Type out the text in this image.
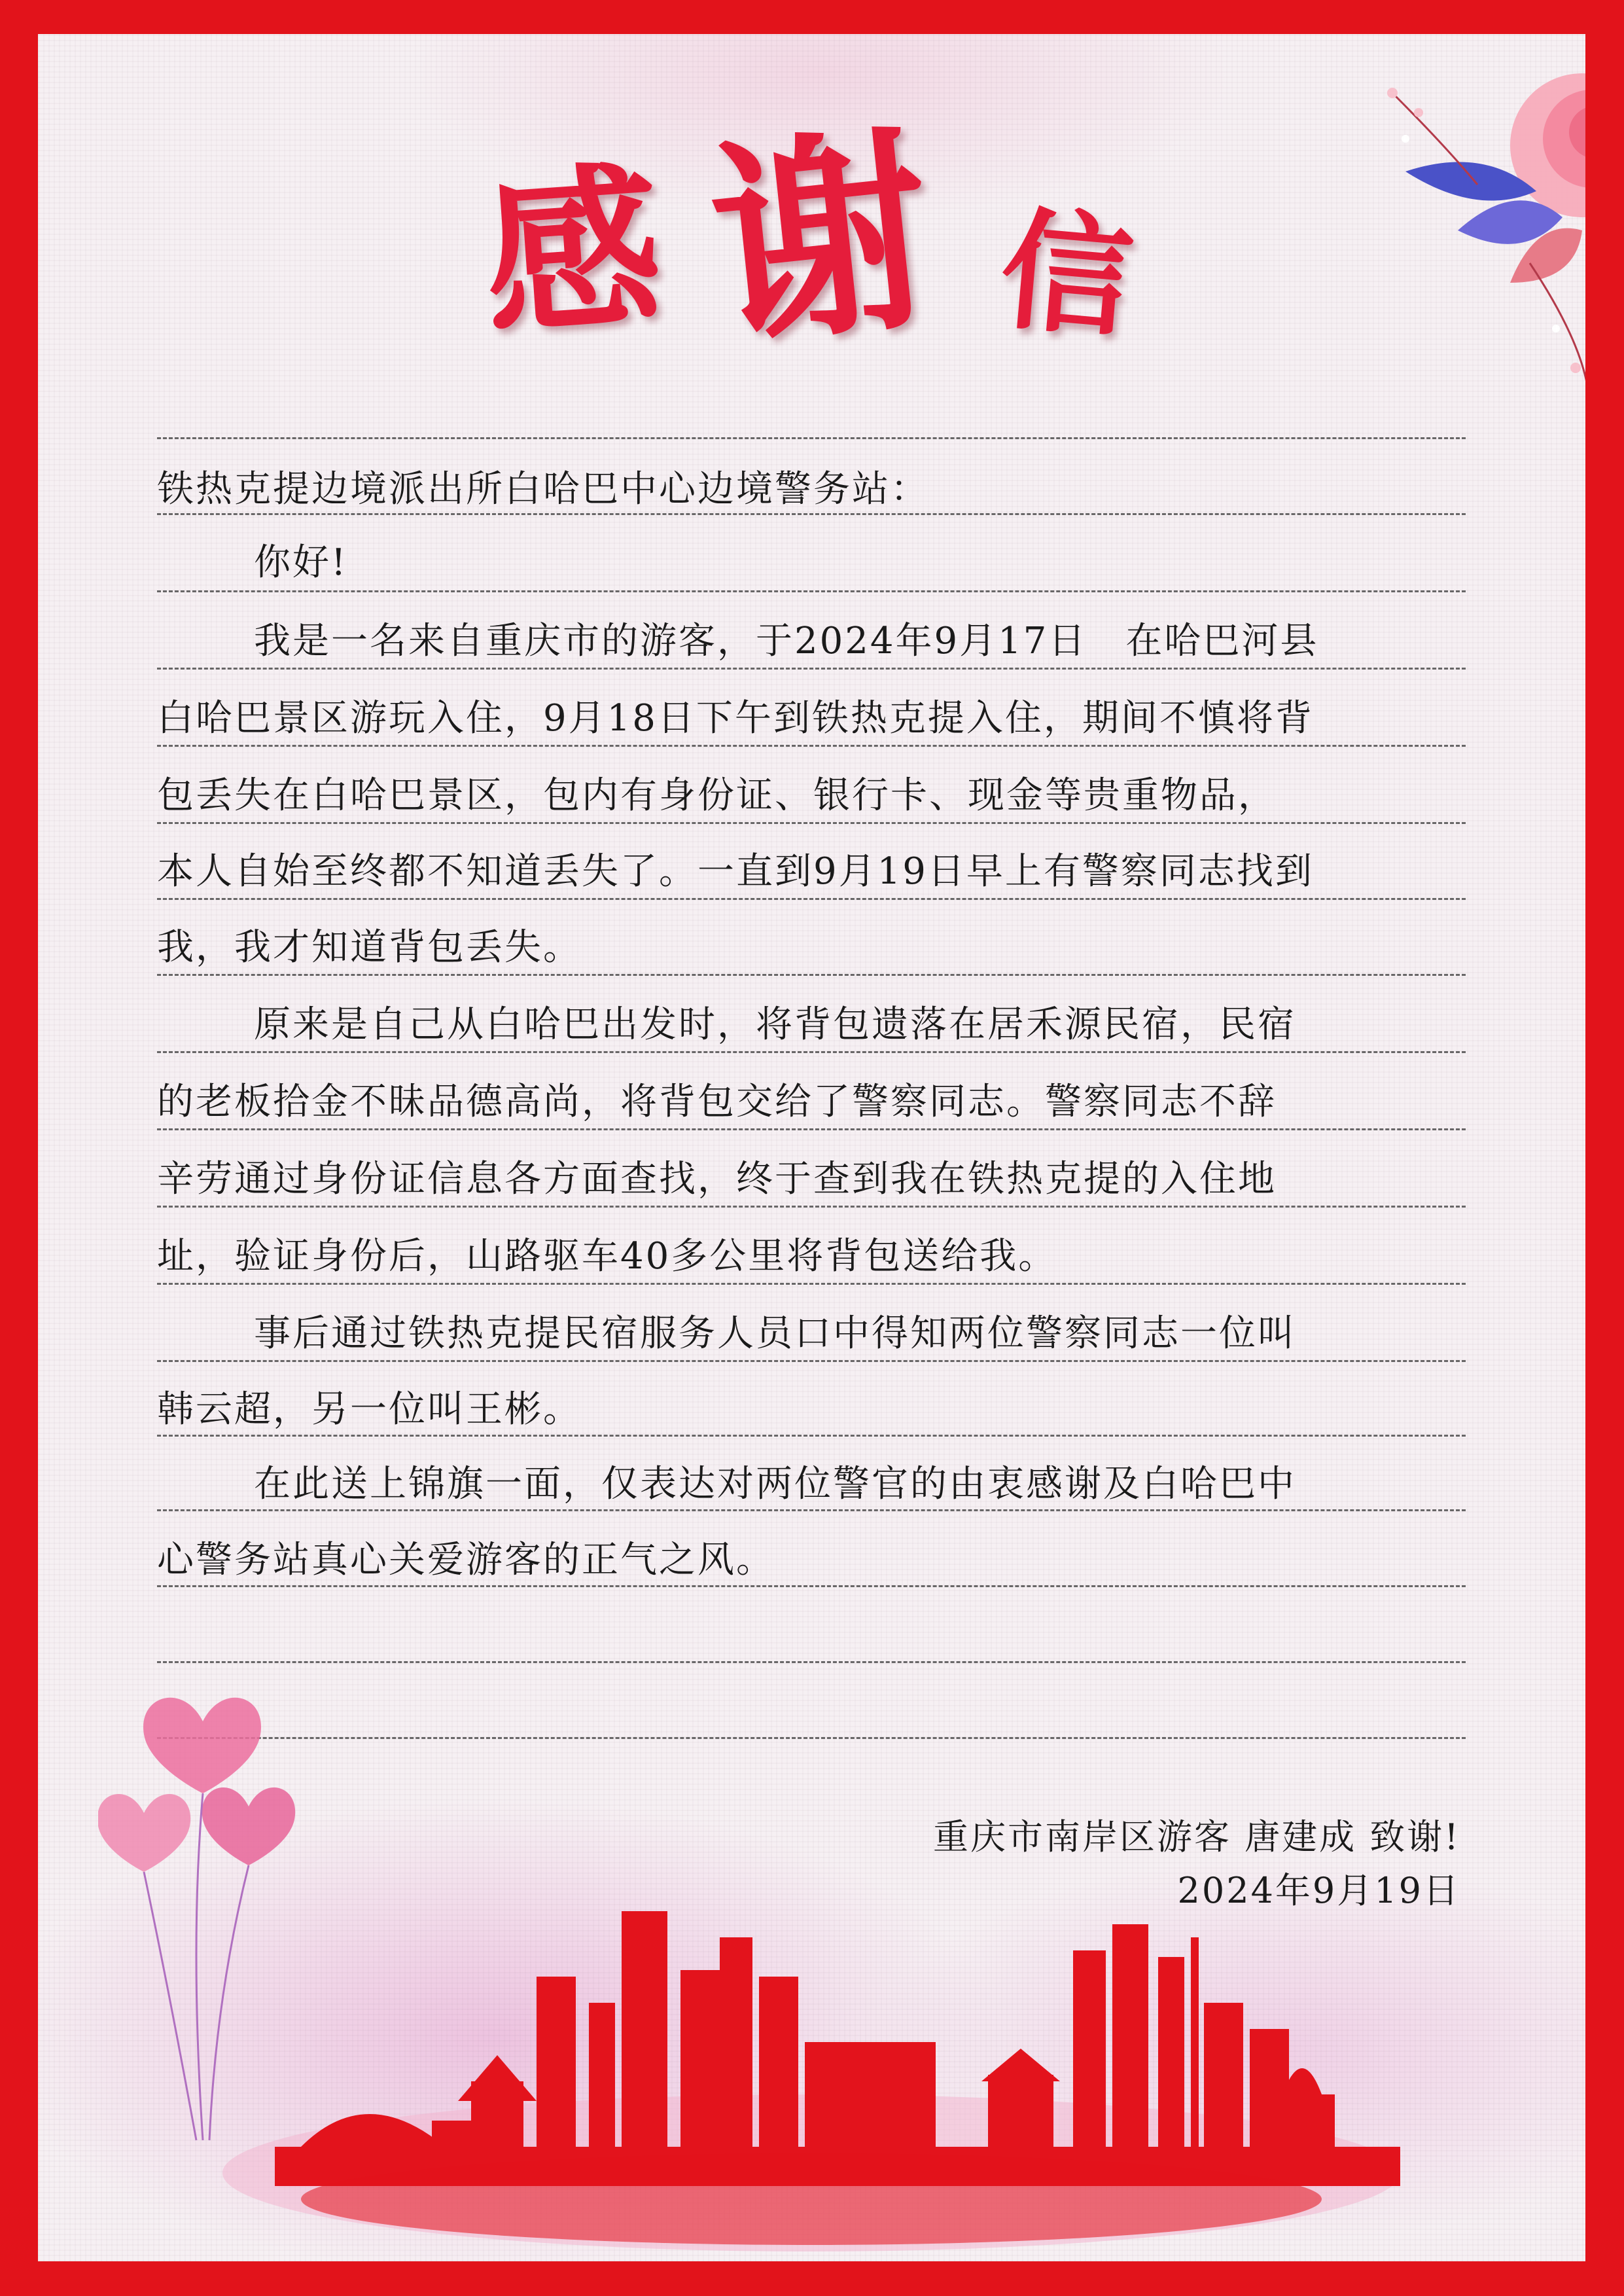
感 谢 信
铁热克提边境派出所白哈巴中心边境警务站：
你好!
我是一名来自重庆市的游客，于2024年9月17日　在哈巴河县
白哈巴景区游玩入住，9月18日下午到铁热克提入住，期间不慎将背
包丢失在白哈巴景区，包内有身份证、银行卡、现金等贵重物品，
本人自始至终都不知道丢失了。一直到9月19日早上有警察同志找到
我，我才知道背包丢失。
原来是自己从白哈巴出发时，将背包遗落在居禾源民宿，民宿
的老板拾金不昧品德高尚，将背包交给了警察同志。警察同志不辞
辛劳通过身份证信息各方面查找，终于查到我在铁热克提的入住地
址，验证身份后，山路驱车40多公里将背包送给我。
事后通过铁热克提民宿服务人员口中得知两位警察同志一位叫
韩云超，另一位叫王彬。
在此送上锦旗一面，仅表达对两位警官的由衷感谢及白哈巴中
心警务站真心关爱游客的正气之风。
重庆市南岸区游客 唐建成 致谢!
2024年9月19日
